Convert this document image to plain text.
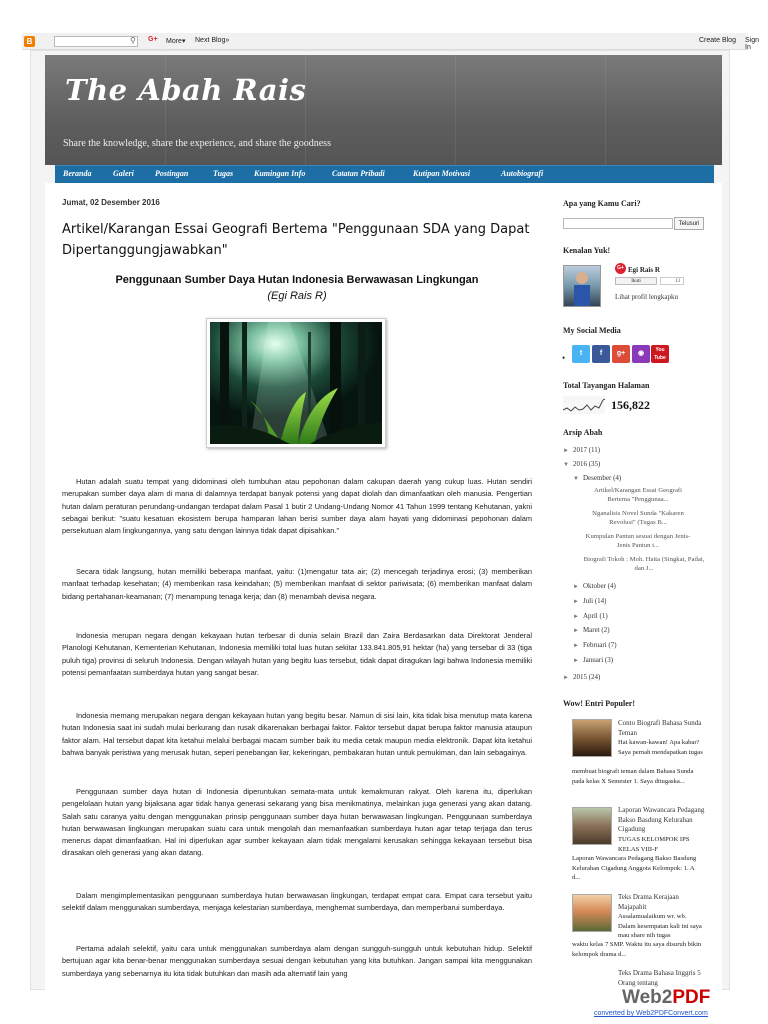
B	⚲ G+ More▾ Next Blog»	Create Blog Sign In
The Abah Rais
Share the knowledge, share the experience, and share the goodness
Beranda	Galeri	Postingan	Tugas	Kumingan Info	Catatan Pribadi	Kutipan Motivasi	Autobiografi
Jumat, 02 Desember 2016
Artikel/Karangan Essai Geografi Bertema "Penggunaan SDA yang Dapat Dipertanggungjawabkan"
Penggunaan Sumber Daya Hutan Indonesia Berwawasan Lingkungan
(Egi Rais R)
Hutan adalah suatu tempat yang didominasi oleh tumbuhan atau pepohonan dalam cakupan daerah yang cukup luas. Hutan sendiri merupakan sumber daya alam di mana di dalamnya terdapat banyak potensi yang dapat diolah dan dimanfaatkan oleh manusia. Pengertian hutan dalam peraturan perundang-undangan terdapat dalam Pasal 1 butir 2 Undang-Undang Nomor 41 Tahun 1999 tentang Kehutanan, yakni sebagai berikut: "suatu kesatuan ekosistem berupa hamparan lahan berisi sumber daya alam hayati yang didominasi pepohonan dalam persekutuan alam lingkungannya, yang satu dengan lainnya tidak dapat dipisahkan."
Secara tidak langsung, hutan memiliki beberapa manfaat, yaitu: (1)mengatur tata air; (2) mencegah terjadinya erosi; (3) memberikan manfaat terhadap kesehatan; (4) memberikan rasa keindahan; (5) memberikan manfaat di sektor pariwisata; (6) memberikan manfaat dalam bidang pertahanan-keamanan; (7) menampung tenaga kerja; dan (8) menambah devisa negara.
Indonesia merupan negara dengan kekayaan hutan terbesar di dunia selain Brazil dan Zaira Berdasarkan data Direktorat Jenderal Planologi Kehutanan, Kementerian Kehutanan, Indonesia memiliki total luas hutan sekitar 133.841.805,91 hektar (ha) yang tersebar di 33 (tiga puluh tiga) provinsi di seluruh Indonesia. Dengan wilayah hutan yang begitu luas tersebut, tidak dapat diragukan lagi bahwa Indonesia memiliki potensi pemanfaatan sumberdaya hutan yang sangat besar.
Indonesia memang merupakan negara dengan kekayaan hutan yang begitu besar. Namun di sisi lain, kita tidak bisa menutup mata karena hutan Indonesia saat ini sudah mulai berkurang dan rusak dikarenakan berbagai faktor. Faktor tersebut dapat berupa faktor manusia ataupun faktor alam. Hal tersebut dapat kita ketahui melalui berbagai macam sumber baik itu media cetak maupun media elektronik. Dapat kita ketahui bahwa banyak peristiwa yang merusak hutan, seperi penebangan liar, kekeringan, pembakaran hutan untuk pemukiman, dan lain sebagainya.
Penggunaan sumber daya hutan di Indonesia diperuntukan semata-mata untuk kemakmuran rakyat. Oleh karena itu, diperlukan pengelolaan hutan yang bijaksana agar tidak hanya generasi sekarang yang bisa menikmatinya, melainkan juga generasi yang akan datang. Salah satu caranya yaitu dengan menggunakan prinsip penggunaan sumber daya hutan berwawasan lingkungan. Penggunaan sumberdaya hutan berwawasan lingkungan merupakan suatu cara untuk mengolah dan memanfaatkan sumberdaya hutan agar tetap terjaga dan terus menerus dapat dimanfaatkan. Hal ini diperlukan agar sumber kekayaan alam tidak mengalami kerusakan sehingga kekayaan tersebut bisa dirasakan oleh generasi yang akan datang.
Dalam mengimplementasikan penggunaan sumberdaya hutan berwawasan lingkungan, terdapat empat cara. Empat cara tersebut yaitu selektif dalam menggunakan sumberdaya, menjaga kelestarian sumberdaya, menghemat sumberdaya, dan memperbarui sumberdaya.
Pertama adalah selektif, yaitu cara untuk menggunakan sumberdaya alam dengan sungguh-sungguh untuk kebutuhan hidup. Selektif bertujuan agar kita benar-benar menggunakan sumberdaya sesuai dengan kebutuhan yang kita butuhkan. Jangan sampai kita menggunakan sumberdaya yang sebenarnya itu kita tidak butuhkan dan masih ada alternatif lain yang
Apa yang Kamu Cari?
Telusuri
Kenalan Yuk!
G+ Egi Rais R
Ikuti	13
Lihat profil lengkapku
My Social Media
•	t	f	g+	◉	You
Tube
Total Tayangan Halaman
156,822
Arsip Abah
► 2017 (11)
▼ 2016 (35)
▼ Desember (4)
Artikel/Karangan Essai Geografi Bertema "Penggunaa...
Nganalisis Novel Sunda "Kakaren Revolusi" (Tugas B...
Kumpulan Pantun sesuai dengan Jenis-Jenis Pantun t...
Biografi Tokoh : Moh. Hatta (Singkat, Padat, dan J...
► Oktober (4)
► Juli (14)
► April (1)
► Maret (2)
► Februari (7)
► Januari (3)
► 2015 (24)
Wow! Entri Populer!
Conto Biografi Bahasa Sunda Teman
Hai kawan-kawan! Apa kabar? Saya pernah mendapatkan tugas
membuat biografi teman dalam Bahasa Sunda pada kelas X Semester 1. Saya ditugaska...
Laporan Wawancara Pedagang Bakso Basdung Kelurahan Cigadung
TUGAS KELOMPOK IPS KELAS VIII-F
Laporan Wawancara Pedagang Bakso Basdung Kelurahan Cigadung Anggota Kelompok: 1. A d...
Teks Drama Kerajaan Majapahit
Assalamualaikum wr. wb. Dalam kesempatan kali ini saya mau share nih tugas
waktu kelas 7 SMP. Waktu itu saya disuruh bikin kelompok drama d...
Teks Drama Bahasa Inggris 5 Orang tentang
Web2PDF
converted by Web2PDFConvert.com
